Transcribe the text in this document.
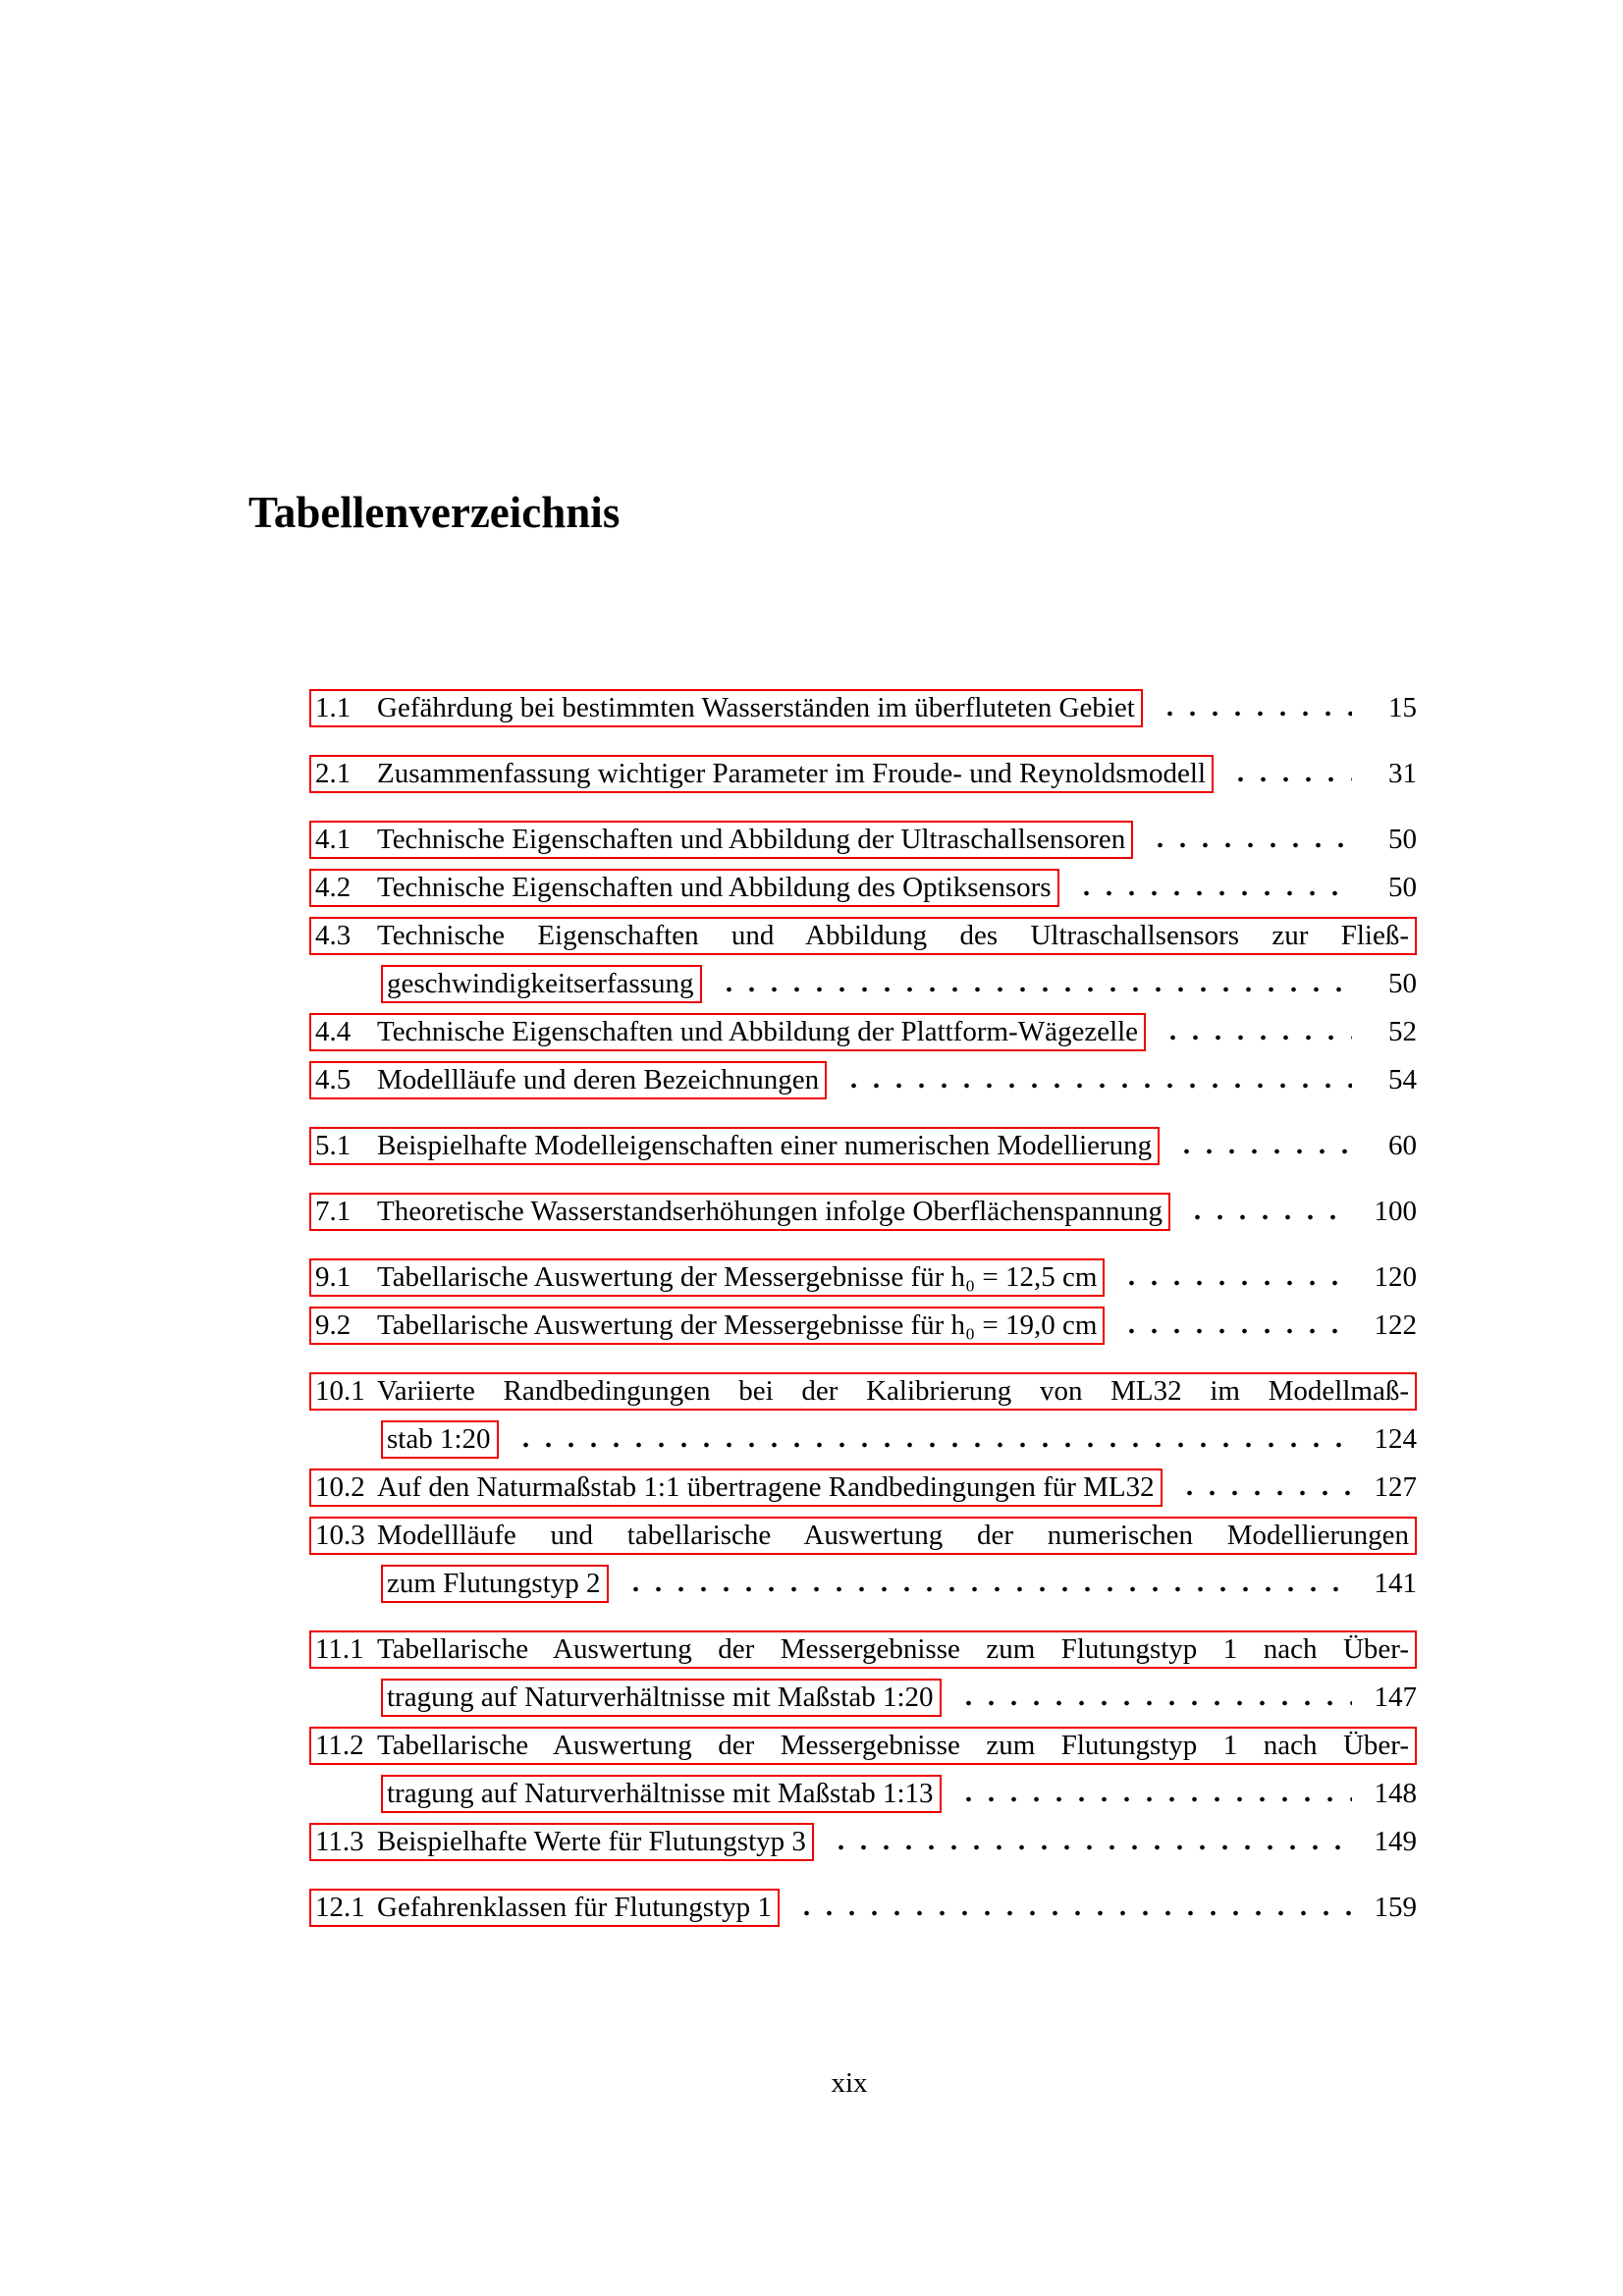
Tabellenverzeichnis
1.1 Gefährdung bei bestimmten Wasserständen im überfluteten Gebiet	15
2.1 Zusammenfassung wichtiger Parameter im Froude- und Reynoldsmodell	31
4.1 Technische Eigenschaften und Abbildung der Ultraschallsensoren	50
4.2 Technische Eigenschaften und Abbildung des Optiksensors	50
4.3 Technische Eigenschaften und Abbildung des Ultraschallsensors zur Fließ-
geschwindigkeitserfassung	50
4.4 Technische Eigenschaften und Abbildung der Plattform-Wägezelle	52
4.5 Modellläufe und deren Bezeichnungen	54
5.1 Beispielhafte Modelleigenschaften einer numerischen Modellierung	60
7.1 Theoretische Wasserstandserhöhungen infolge Oberflächenspannung	100
9.1 Tabellarische Auswertung der Messergebnisse für h₀ = 12,5 cm	120
9.2 Tabellarische Auswertung der Messergebnisse für h₀ = 19,0 cm	122
10.1 Variierte Randbedingungen bei der Kalibrierung von ML32 im Modellmaß-
stab 1:20	124
10.2 Auf den Naturmaßstab 1:1 übertragene Randbedingungen für ML32	127
10.3 Modellläufe und tabellarische Auswertung der numerischen Modellierungen
zum Flutungstyp 2	141
11.1 Tabellarische Auswertung der Messergebnisse zum Flutungstyp 1 nach Über-
tragung auf Naturverhältnisse mit Maßstab 1:20	147
11.2 Tabellarische Auswertung der Messergebnisse zum Flutungstyp 1 nach Über-
tragung auf Naturverhältnisse mit Maßstab 1:13	148
11.3 Beispielhafte Werte für Flutungstyp 3	149
12.1 Gefahrenklassen für Flutungstyp 1	159
xix
